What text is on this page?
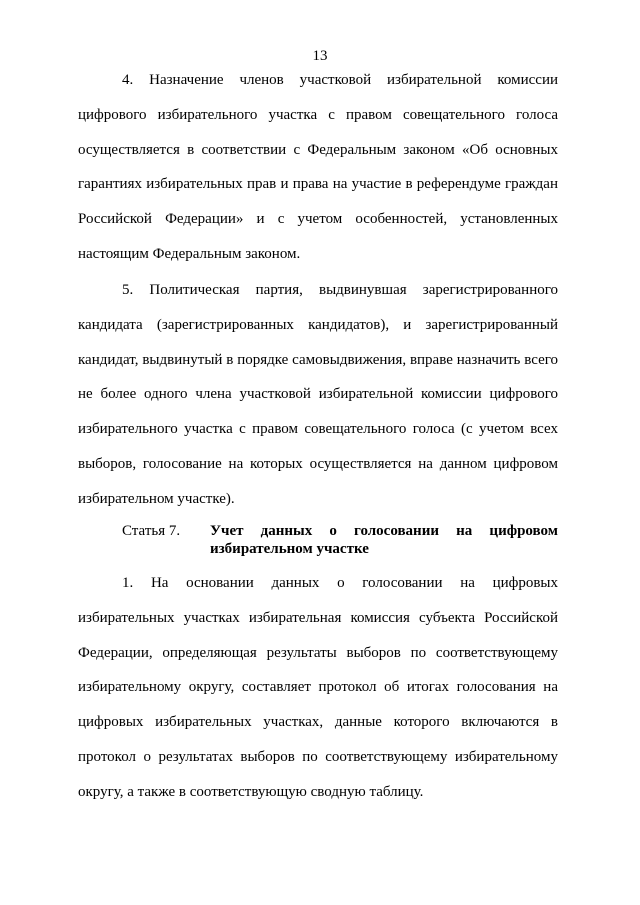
13

4. Назначение членов участковой избирательной комиссии цифрового избирательного участка с правом совещательного голоса осуществляется в соответствии с Федеральным законом «Об основных гарантиях избирательных прав и права на участие в референдуме граждан Российской Федерации» и с учетом особенностей, установленных настоящим Федеральным законом.

5. Политическая партия, выдвинувшая зарегистрированного кандидата (зарегистрированных кандидатов), и зарегистрированный кандидат, выдвинутый в порядке самовыдвижения, вправе назначить всего не более одного члена участковой избирательной комиссии цифрового избирательного участка с правом совещательного голоса (с учетом всех выборов, голосование на которых осуществляется на данном цифровом избирательном участке).

Статья 7. Учет данных о голосовании на цифровом
избирательном участке

1. На основании данных о голосовании на цифровых избирательных участках избирательная комиссия субъекта Российской Федерации, определяющая результаты выборов по соответствующему избирательному округу, составляет протокол об итогах голосования на цифровых избирательных участках, данные которого включаются в протокол о результатах выборов по соответствующему избирательному округу, а также в соответствующую сводную таблицу.
